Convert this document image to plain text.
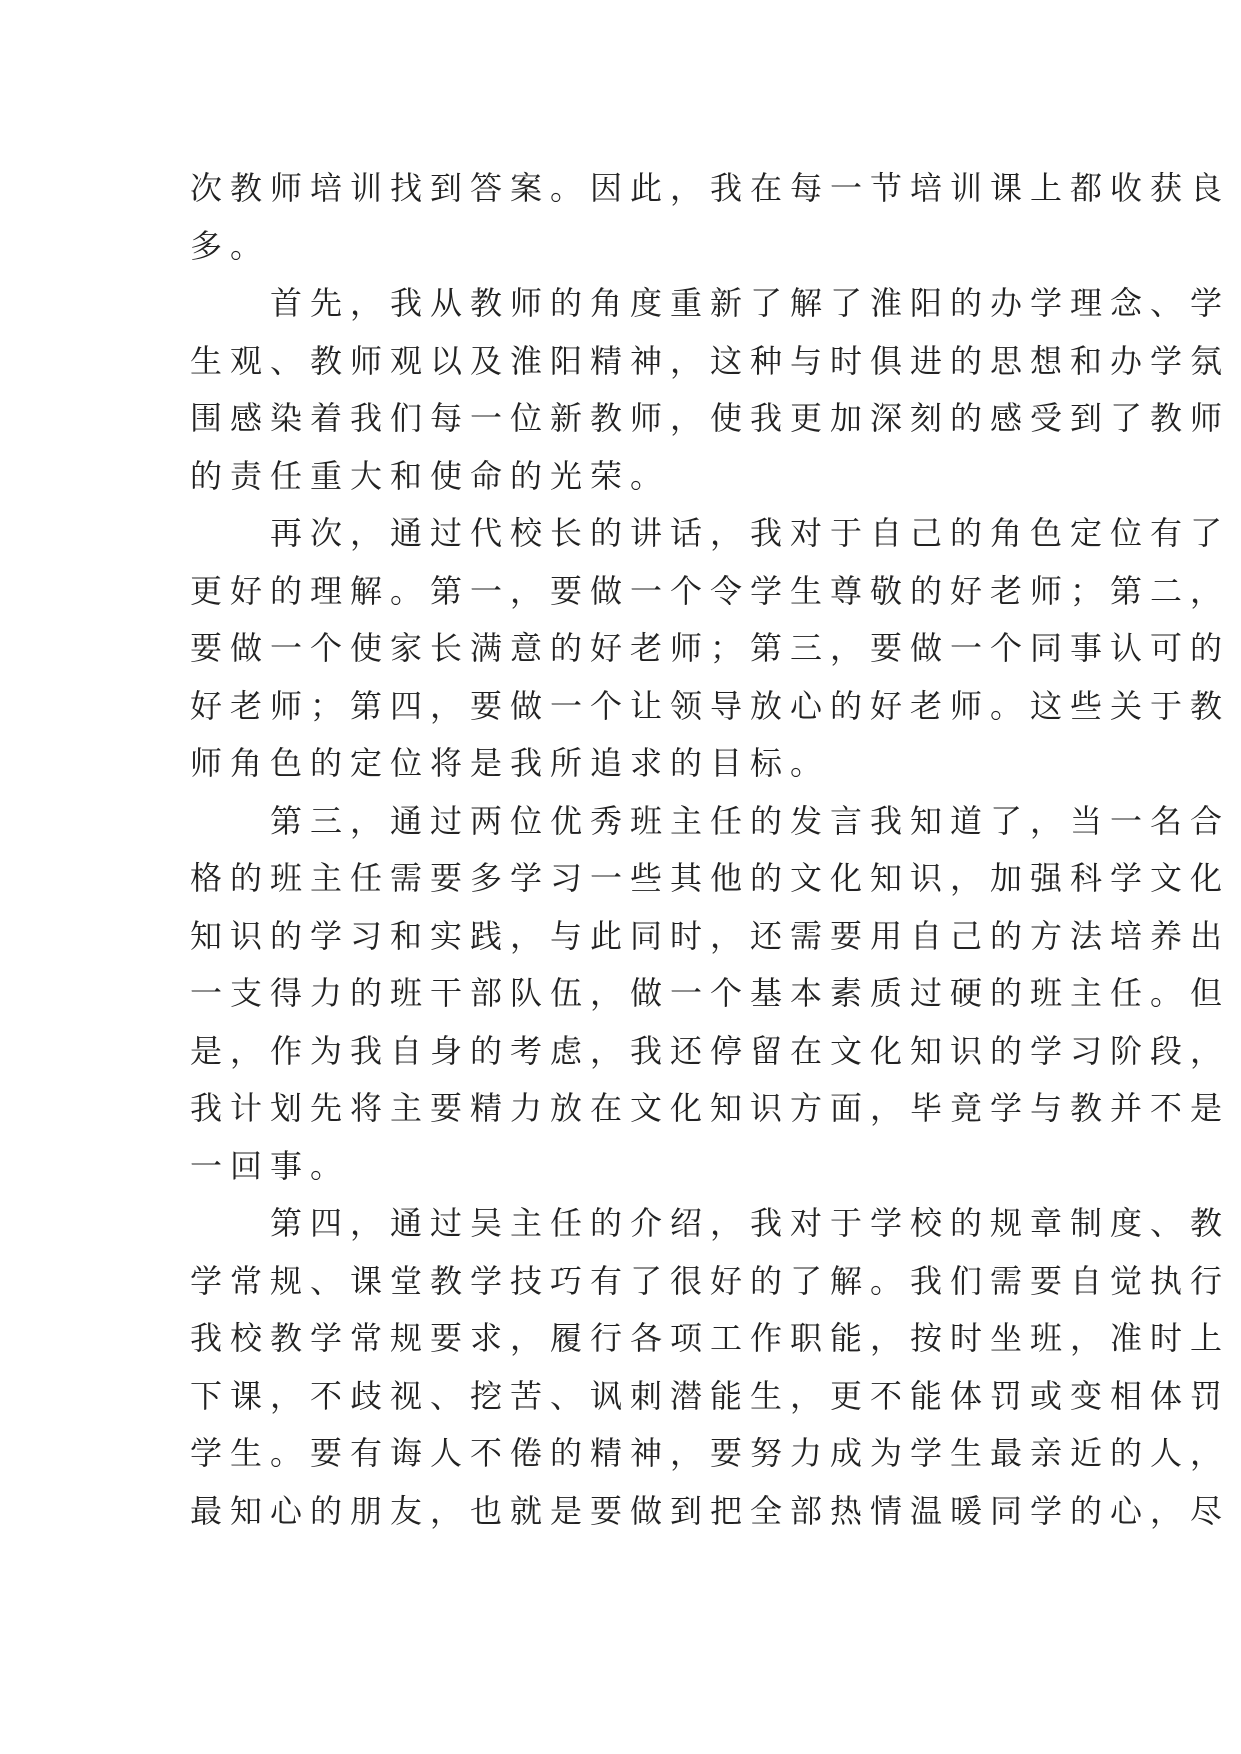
次教师培训找到答案。因此，我在每一节培训课上都收获良
多。
　　首先，我从教师的角度重新了解了淮阳的办学理念、学
生观、教师观以及淮阳精神，这种与时俱进的思想和办学氛
围感染着我们每一位新教师，使我更加深刻的感受到了教师
的责任重大和使命的光荣。
　　再次，通过代校长的讲话，我对于自己的角色定位有了
更好的理解。第一，要做一个令学生尊敬的好老师；第二，
要做一个使家长满意的好老师；第三，要做一个同事认可的
好老师；第四，要做一个让领导放心的好老师。这些关于教
师角色的定位将是我所追求的目标。
　　第三，通过两位优秀班主任的发言我知道了，当一名合
格的班主任需要多学习一些其他的文化知识，加强科学文化
知识的学习和实践，与此同时，还需要用自己的方法培养出
一支得力的班干部队伍，做一个基本素质过硬的班主任。但
是，作为我自身的考虑，我还停留在文化知识的学习阶段，
我计划先将主要精力放在文化知识方面，毕竟学与教并不是
一回事。
　　第四，通过吴主任的介绍，我对于学校的规章制度、教
学常规、课堂教学技巧有了很好的了解。我们需要自觉执行
我校教学常规要求，履行各项工作职能，按时坐班，准时上
下课，不歧视、挖苦、讽刺潜能生，更不能体罚或变相体罚
学生。要有诲人不倦的精神，要努力成为学生最亲近的人，
最知心的朋友，也就是要做到把全部热情温暖同学的心，尽
